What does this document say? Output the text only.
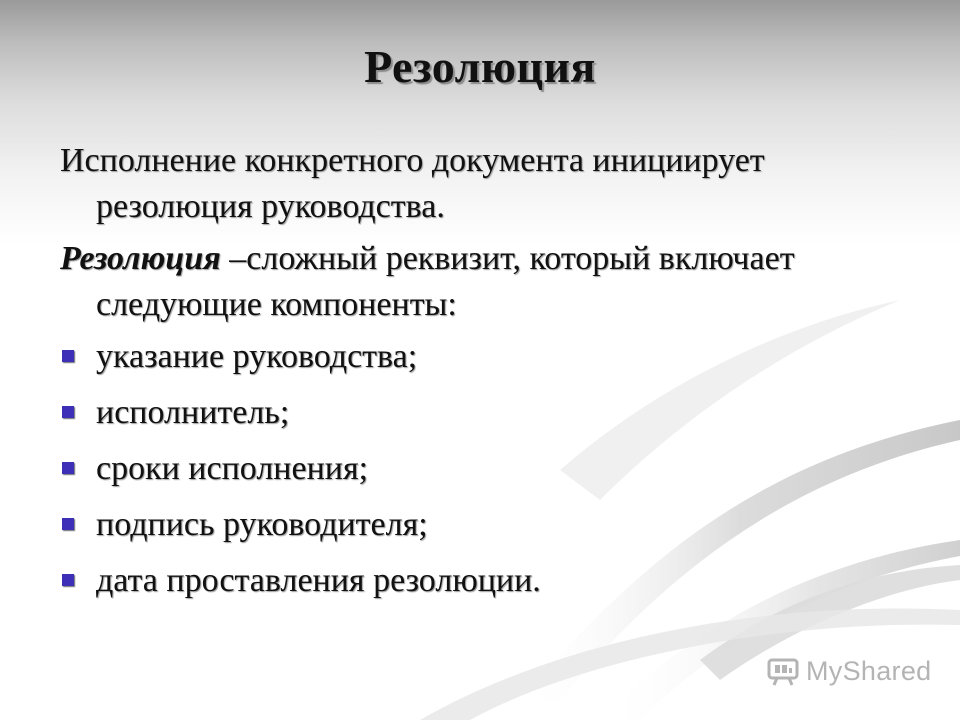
Резолюция

Исполнение конкретного документа инициирует резолюция руководства.

Резолюция –сложный реквизит, который включает следующие компоненты:

указание руководства;
исполнитель;
сроки исполнения;
подпись руководителя;
дата проставления резолюции.
MyShared
